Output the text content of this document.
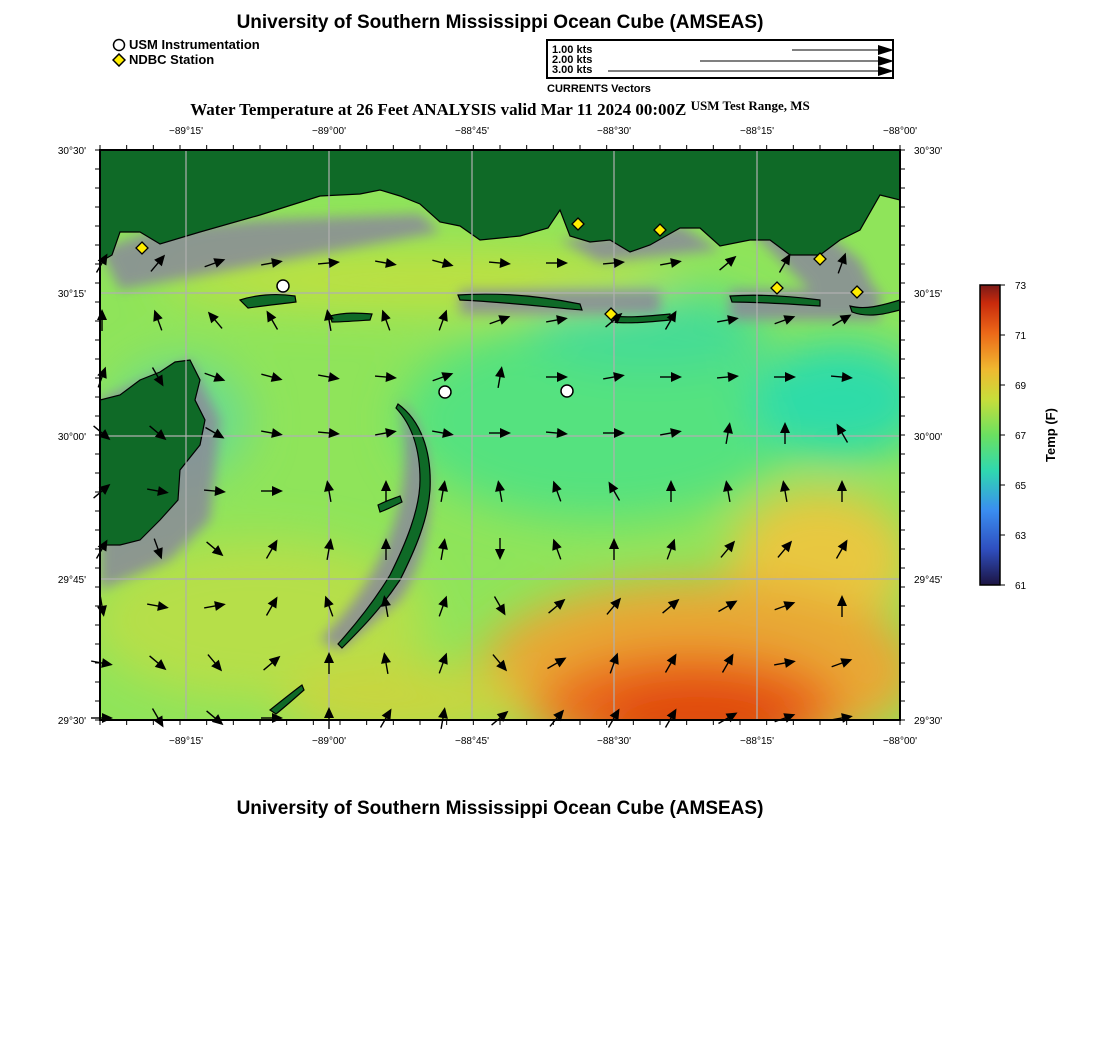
University of Southern Mississippi Ocean Cube (AMSEAS)
USM Instrumentation
NDBC Station
1.00 kts
2.00 kts
3.00 kts
CURRENTS Vectors
Water Temperature at 26 Feet ANALYSIS valid Mar 11 2024 00:00Z $^{USM Test Range, MS}$
−89°15'	−89°00'	−88°45'	−88°30'	−88°15'	−88°00'
−89°15'	−89°00'	−88°45'	−88°30'	−88°15'	−88°00'
30°30'
30°15'
30°00'
29°45'
29°30'
30°30'
30°15'
30°00'
29°45'
29°30'
73
71
69
67
65
63
61
Temp (F)
University of Southern Mississippi Ocean Cube (AMSEAS)
